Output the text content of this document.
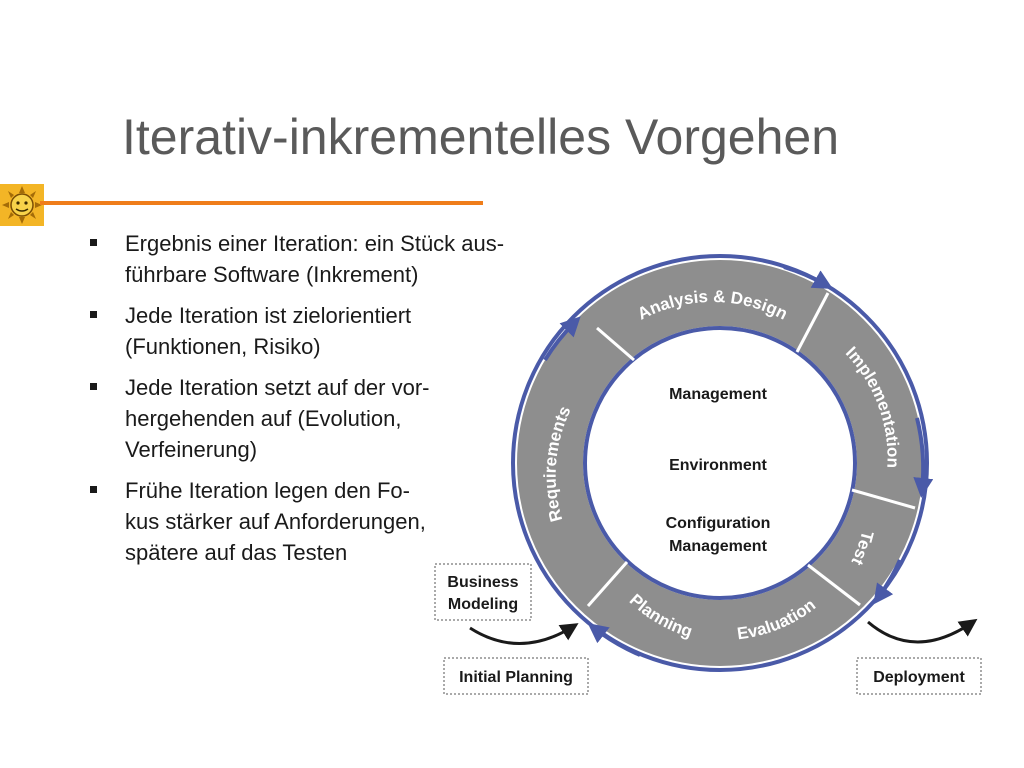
Iterativ-inkrementelles Vorgehen
Ergebnis einer Iteration: ein Stück aus-
führbare Software (Inkrement)
Jede Iteration ist zielorientiert
(Funktionen, Risiko)
Jede Iteration setzt auf der vor-
hergehenden auf (Evolution,
Verfeinerung)
Frühe Iteration legen den Fo-
kus stärker auf Anforderungen,
spätere auf das Testen
Analysis & Design
Implementation
Test
Evaluation
Planning
Requirements
Management
Environment
Configuration
Management
Business
Modeling
Initial Planning	Deployment
